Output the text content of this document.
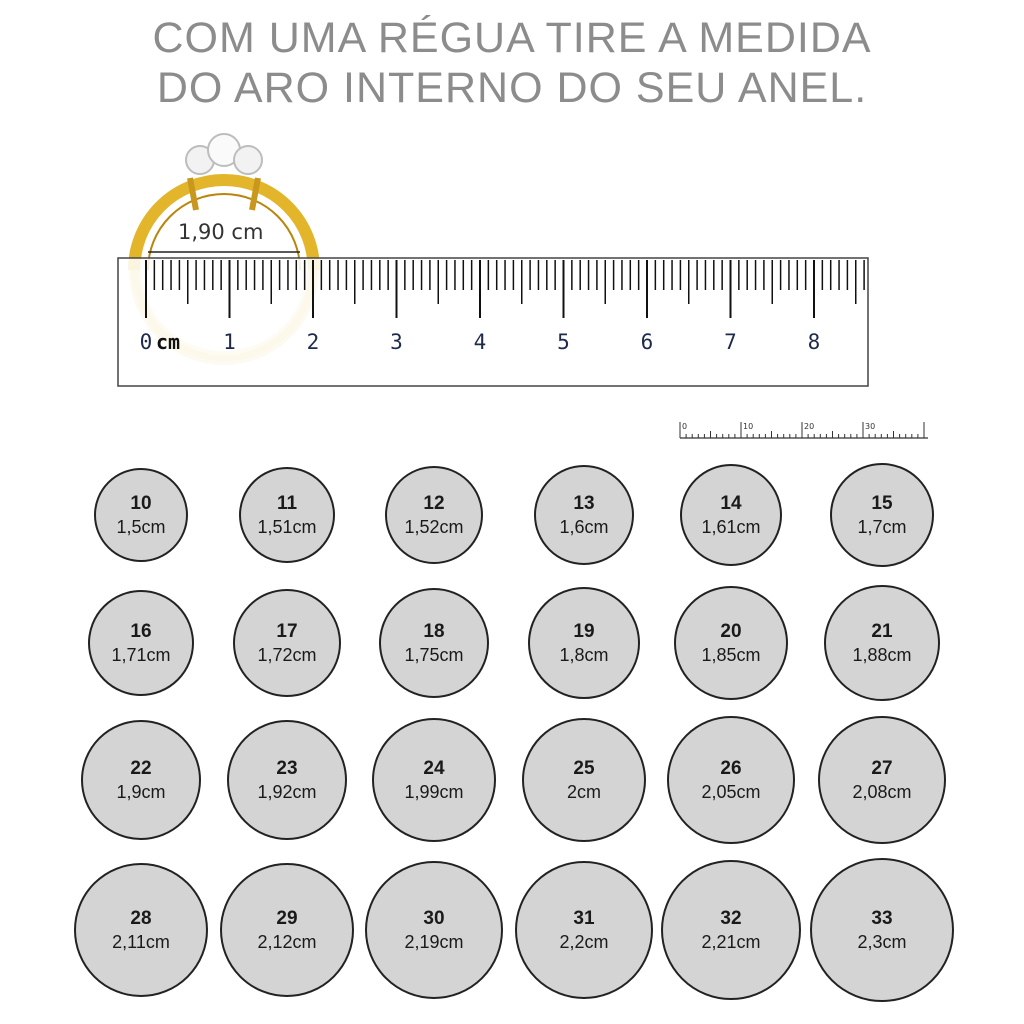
COM UMA RÉGUA TIRE A MEDIDA
DO ARO INTERNO DO SEU ANEL.
1,90 cm
cm
0	1	2	3	4	5	6	7	8
0	10	20	30
10
1,5cm
11
1,51cm
12
1,52cm
13
1,6cm
14
1,61cm
15
1,7cm
16
1,71cm
17
1,72cm
18
1,75cm
19
1,8cm
20
1,85cm
21
1,88cm
22
1,9cm
23
1,92cm
24
1,99cm
25
2cm
26
2,05cm
27
2,08cm
28
2,11cm
29
2,12cm
30
2,19cm
31
2,2cm
32
2,21cm
33
2,3cm
